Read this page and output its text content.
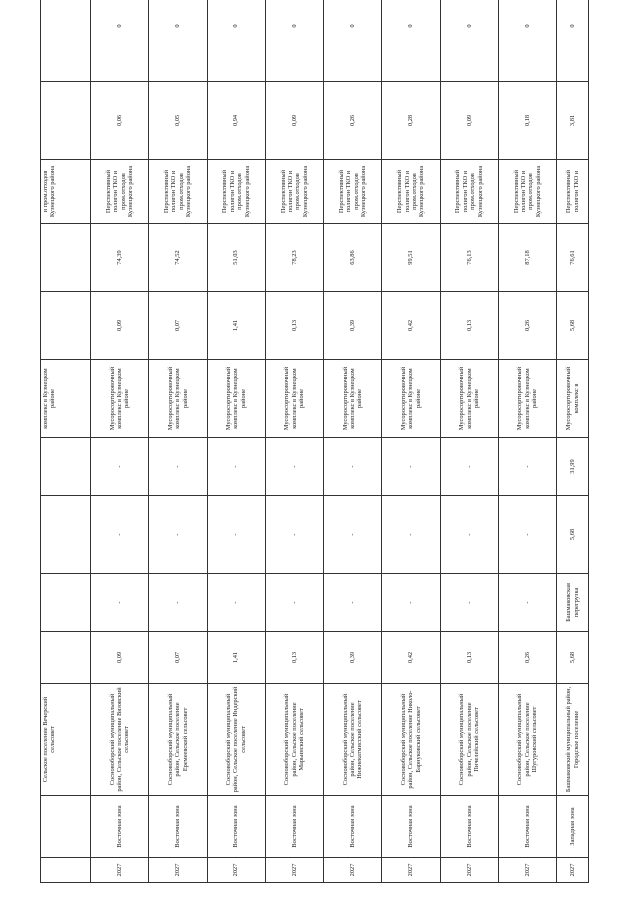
		Сельское поселение Вечерский сельсовет					комплекс в Кузнецком районе			и пром.отходов Кузнецкого района		
2027	Восточная зона	Сосновоборский муниципальный район, Сельское поселение Вязовский сельсовет	0,09	-	-	-	Мусоросортировочный комплекс в Кузнецком районе	0,09	74,39	Перспективный полигон ТКО и пром.отходов Кузнецкого района	0,06	0
2027	Восточная зона	Сосновоборский муниципальный район, Сельское поселение Еремеевский сельсовет	0,07	-	-	-	Мусоросортировочный комплекс в Кузнецком районе	0,07	74,52	Перспективный полигон ТКО и пром.отходов Кузнецкого района	0,05	0
2027	Восточная зона	Сосновоборский муниципальный район, Сельское поселение Индерский сельсовет	1,41	-	-	-	Мусоросортировочный комплекс в Кузнецком районе	1,41	51,03	Перспективный полигон ТКО и пром.отходов Кузнецкого района	0,94	0
2027	Восточная зона	Сосновоборский муниципальный район, Сельское поселение Марьинский сельсовет	0,13	-	-	-	Мусоросортировочный комплекс в Кузнецком районе	0,13	78,23	Перспективный полигон ТКО и пром.отходов Кузнецкого района	0,09	0
2027	Восточная зона	Сосновоборский муниципальный район, Сельское поселение Нижнекатмисский сельсовет	0,39	-	-	-	Мусоросортировочный комплекс в Кузнецком районе	0,39	63,86	Перспективный полигон ТКО и пром.отходов Кузнецкого района	0,26	0
2027	Восточная зона	Сосновоборский муниципальный район, Сельское поселение Николо-Барнуковский сельсовет	0,42	-	-	-	Мусоросортировочный комплекс в Кузнецком районе	0,42	99,51	Перспективный полигон ТКО и пром.отходов Кузнецкого района	0,28	0
2027	Восточная зона	Сосновоборский муниципальный район, Сельское поселение Пичелейский сельсовет	0,13	-	-	-	Мусоросортировочный комплекс в Кузнецком районе	0,13	76,13	Перспективный полигон ТКО и пром.отходов Кузнецкого района	0,09	0
2027	Восточная зона	Сосновоборский муниципальный район, Сельское поселение Шугуровский сельсовет	0,26	-	-	-	Мусоросортировочный комплекс в Кузнецком районе	0,26	87,18	Перспективный полигон ТКО и пром.отходов Кузнецкого района	0,18	0
2027	Западная зона	Башмаковский муниципальный район, Городское поселение	5,68	Башмаковская перегрузка	5,68	31,99	Мусоросортировочный комплекс в	5,68	76,61	Перспективный полигон ТКО и	3,81	0
